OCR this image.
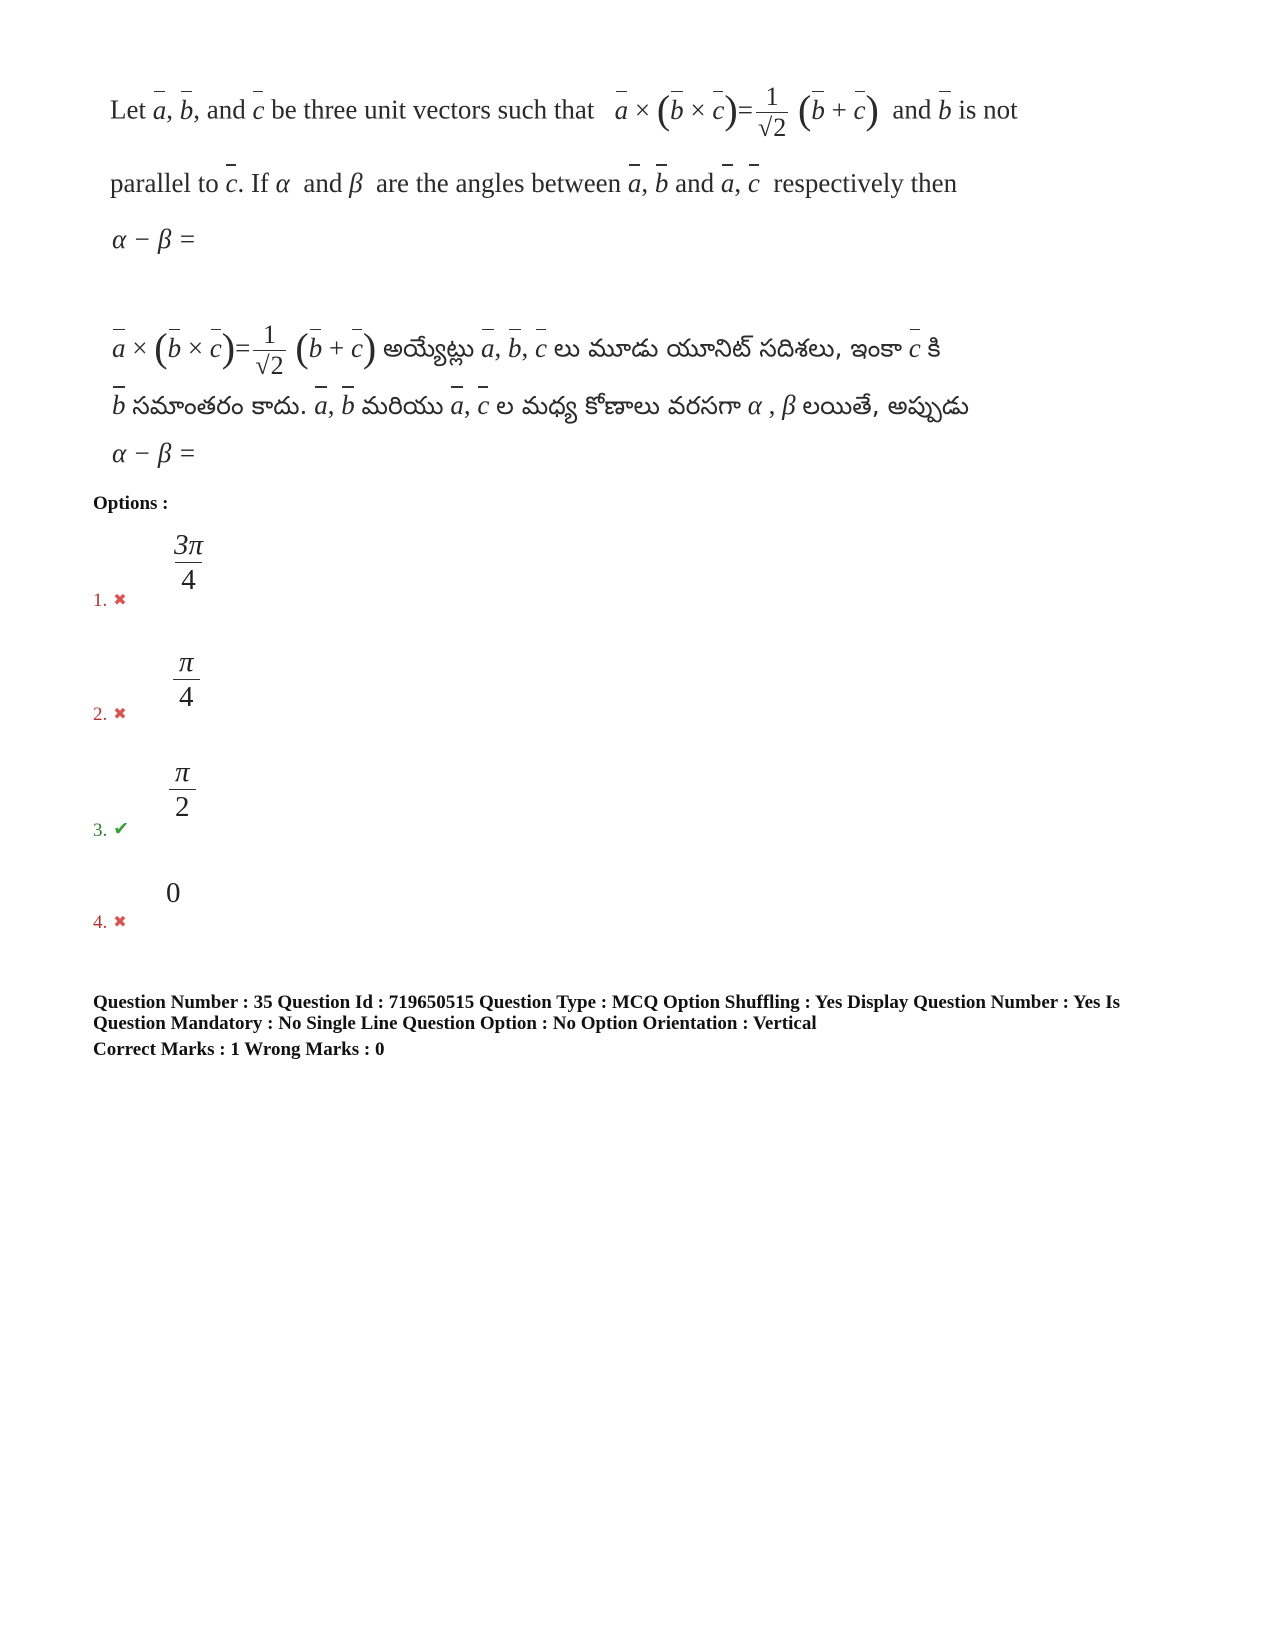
Let a, b, and c be three unit vectors such that $a \times (b \times c)= \frac{1}{√2} (b + c)$ and b is not
parallel to c. If α and β are the angles between a, b and a, c respectively then
α − β =
$a \times (b \times c)= \frac{1}{√2} (b + c)$ అయ్యేట్లు a, b, c లు మూడు యూనిట్ సదిశలు, ఇంకా c కి
b సమాంతరం కాదు. a, b మరియు a, c ల మధ్య కోణాలు వరసగా α , β లయితే, అప్పుడు
α − β =
Options :
1. ✖
$\frac{3\pi}{4}$
2. ✖
$\frac{\pi}{4}$
3. ✔
$\frac{\pi}{2}$
4. ✖
0
Question Number : 35 Question Id : 719650515 Question Type : MCQ Option Shuffling : Yes Display Question Number : Yes Is
Question Mandatory : No Single Line Question Option : No Option Orientation : Vertical
Correct Marks : 1 Wrong Marks : 0
